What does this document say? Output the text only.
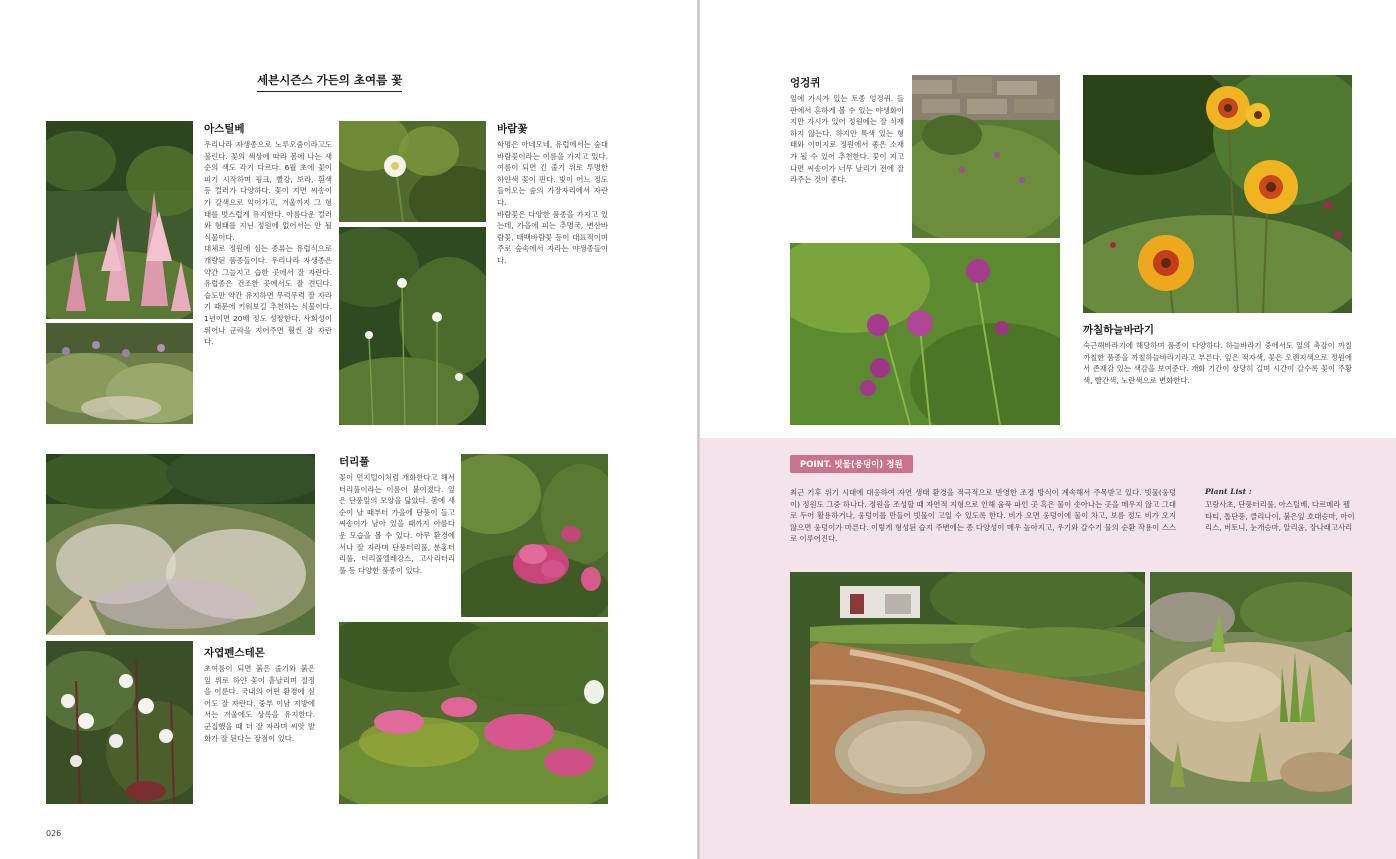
세븐시즌스 가든의 초여름 꽃
아스틸베

우리나라 자생종으로 노루오줌이라고도 불린다. 꽃의 색상에 따라 봄에 나는 새순의 색도 각기 다르다. 6월 초에 꽃이 피기 시작하며 핑크, 빨강, 보라, 흰색 등 컬러가 다양하다. 꽃이 지면 씨송이가 갈색으로 익어가고, 겨울까지 그 형태를 멋스럽게 유지한다. 아름다운 컬러와 형태를 지닌 정원에 없어서는 안 될 식물이다.

대체로 정원에 심는 종류는 유럽식으로 개량된 품종들이다. 우리나라 자생종은 약간 그늘지고 습한 곳에서 잘 자란다. 유럽종은 건조한 곳에서도 잘 견딘다. 습도만 약간 유지하면 무럭무럭 잘 자라기 때문에 키워보길 추천하는 식물이다. 1년이면 20배 정도 성장한다. 사회성이 뛰어나 군락을 지어주면 훨씬 잘 자란다.

바람꽃

학명은 아네모네, 유럽에서는 숲대바람꽃이라는 이름을 가지고 있다. 여름이 되면 긴 줄기 위로 투명한 하얀색 꽃이 핀다. 빛이 어느 정도 들어오는 숲의 가장자리에서 자란다.

바람꽃은 다양한 품종을 가지고 있는데, 가을에 피는 추명국, 변산바람꽃, 태백바람꽃 등이 대표적이며 주로 숲속에서 자라는 야생종들이다.

자엽펜스테몬

초여름이 되면 붉은 줄기와 붉은 잎 위로 하얀 꽃이 흩날리며 절정을 이룬다. 국내의 어떤 환경에 심어도 잘 자란다. 중부 이남 지방에서는 겨울에도 상록을 유지한다. 군집했을 때 더 잘 자라며 씨앗 발화가 잘 된다는 장점이 있다.

터리풀

꽃이 먼지털이처럼 개화한다고 해서 터리풀이라는 이름이 붙여졌다. 잎은 단풍잎의 모양을 닮았다. 봄에 새순이 날 때부터 가을에 단풍이 들고 씨송이가 남아 있을 때까지 아름다운 모습을 볼 수 있다. 아무 환경에서나 잘 자라며 단풍터리풀, 분홍터리풀, 터리풀엘레강스, 고사리터리풀 등 다양한 품종이 있다.

026
엉겅퀴

잎에 가시가 있는 토종 엉겅퀴. 들판에서 흔하게 볼 수 있는 야생화이지만 가시가 있어 정원에는 잘 식재하지 않는다. 하지만 특색 있는 형태와 이미지로 정원에서 좋은 소재가 될 수 있어 추천한다. 꽃이 지고 나면 씨송이가 너무 날리기 전에 잘라주는 것이 좋다.

까칠하늘바라기

숙근해바라기에 해당하며 품종이 다양하다. 하늘바라기 중에서도 잎의 촉감이 까칠까칠한 품종을 까칠하늘바라기라고 부른다. 잎은 적자색, 꽃은 오렌지색으로 정원에서 존재감 있는 색감을 보여준다. 개화 기간이 상당히 길며 시간이 갈수록 꽃이 주황색, 빨간색, 노란색으로 변화한다.

POINT. 빗물(웅덩이) 정원
최근 기후 위기 시대에 대응하여 자연 생태 환경을 적극적으로 반영한 조경 방식이 계속해서 주목받고 있다. 빗물(웅덩이) 정원도 그중 하나다. 정원을 조성할 때 자연적 지형으로 인해 움푹 파인 곳 혹은 물이 솟아나는 곳을 메우지 않고 그대로 두어 활용하거나, 웅덩이를 만들어 빗물이 고일 수 있도록 한다. 비가 오면 웅덩이에 물이 차고, 보름 정도 비가 오지 않으면 웅덩이가 마른다. 이렇게 형성된 습지 주변에는 종 다양성이 매우 높아지고, 우기와 갈수기 물의 순환 작용이 스스로 이루어진다.
Plant List :
꼬랑사초, 단풍터리풀, 아스틸베, 다르메라 펠타티, 톱단풍, 클리나이, 붉은잎 호대승마, 아이리스, 버토니, 눈개승마, 알리움, 장나래고사리
